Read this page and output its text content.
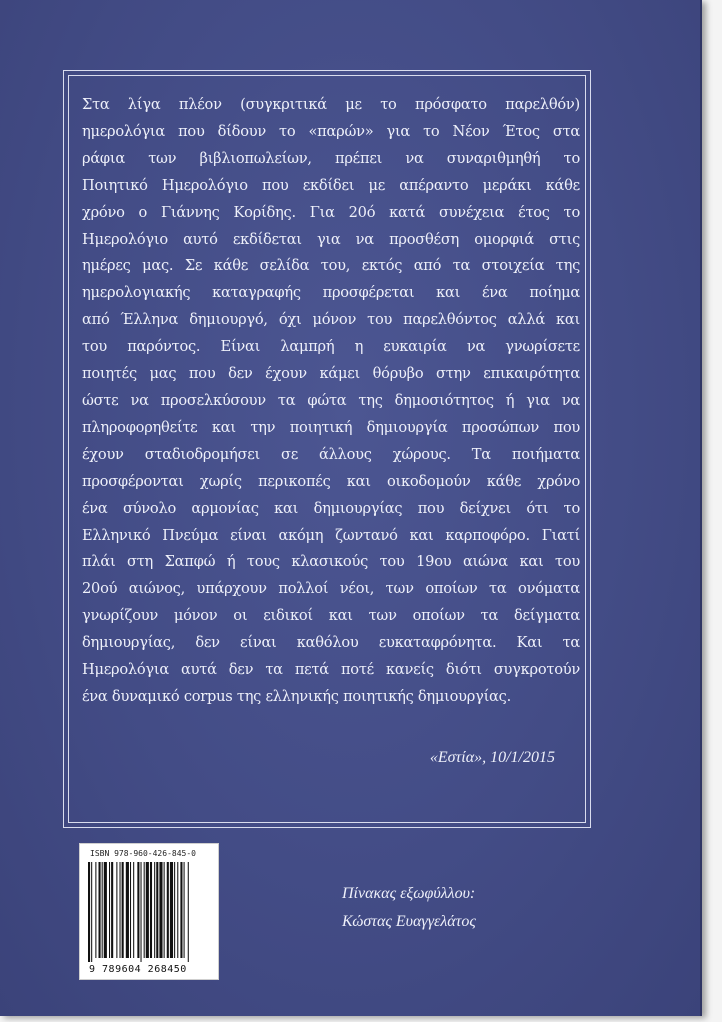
Στα λίγα πλέον (συγκριτικά με το πρόσφατο παρελθόν)
ημερολόγια που δίδουν το «παρών» για το Νέον Έτος στα
ράφια των βιβλιοπωλείων, πρέπει να συναριθμηθή το
Ποιητικό Ημερολόγιο που εκδίδει με απέραντο μεράκι κάθε
χρόνο ο Γιάννης Κορίδης. Για 20ό κατά συνέχεια έτος το
Ημερολόγιο αυτό εκδίδεται για να προσθέση ομορφιά στις
ημέρες μας. Σε κάθε σελίδα του, εκτός από τα στοιχεία της
ημερολογιακής καταγραφής προσφέρεται και ένα ποίημα
από Έλληνα δημιουργό, όχι μόνον του παρελθόντος αλλά και
του παρόντος. Είναι λαμπρή η ευκαιρία να γνωρίσετε
ποιητές μας που δεν έχουν κάμει θόρυβο στην επικαιρότητα
ώστε να προσελκύσουν τα φώτα της δημοσιότητος ή για να
πληροφορηθείτε και την ποιητική δημιουργία προσώπων που
έχουν σταδιοδρομήσει σε άλλους χώρους. Τα ποιήματα
προσφέρονται χωρίς περικοπές και οικοδομούν κάθε χρόνο
ένα σύνολο αρμονίας και δημιουργίας που δείχνει ότι το
Ελληνικό Πνεύμα είναι ακόμη ζωντανό και καρποφόρο. Γιατί
πλάι στη Σαπφώ ή τους κλασικούς του 19ου αιώνα και του
20ού αιώνος, υπάρχουν πολλοί νέοι, των οποίων τα ονόματα
γνωρίζουν μόνον οι ειδικοί και των οποίων τα δείγματα
δημιουργίας, δεν είναι καθόλου ευκαταφρόνητα. Και τα
Ημερολόγια αυτά δεν τα πετά ποτέ κανείς διότι συγκροτούν
ένα δυναμικό corpus της ελληνικής ποιητικής δημιουργίας.
«Εστία», 10/1/2015
ISBN 978-960-426-845-0
9 789604 268450
Πίνακας εξωφύλλου:
Κώστας Ευαγγελάτος
